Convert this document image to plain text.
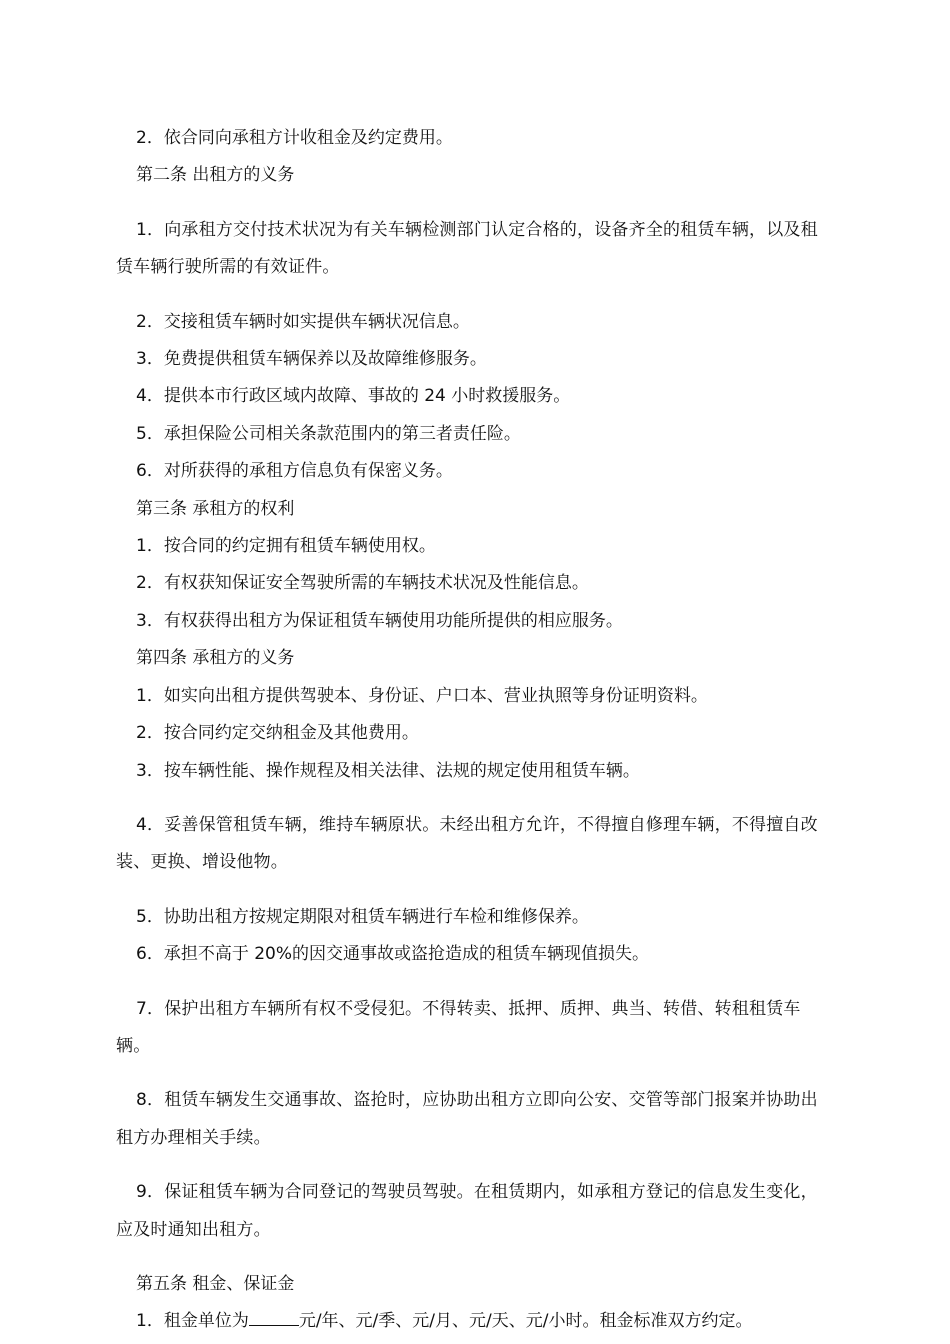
2．依合同向承租方计收租金及约定费用。

第二条 出租方的义务

1．向承租方交付技术状况为有关车辆检测部门认定合格的，设备齐全的租赁车辆，以及租赁车辆行驶所需的有效证件。

2．交接租赁车辆时如实提供车辆状况信息。

3．免费提供租赁车辆保养以及故障维修服务。

4．提供本市行政区域内故障、事故的 24 小时救援服务。

5．承担保险公司相关条款范围内的第三者责任险。

6．对所获得的承租方信息负有保密义务。

第三条 承租方的权利

1．按合同的约定拥有租赁车辆使用权。

2．有权获知保证安全驾驶所需的车辆技术状况及性能信息。

3．有权获得出租方为保证租赁车辆使用功能所提供的相应服务。

第四条 承租方的义务

1．如实向出租方提供驾驶本、身份证、户口本、营业执照等身份证明资料。

2．按合同约定交纳租金及其他费用。

3．按车辆性能、操作规程及相关法律、法规的规定使用租赁车辆。

4．妥善保管租赁车辆，维持车辆原状。未经出租方允许，不得擅自修理车辆，不得擅自改装、更换、增设他物。

5．协助出租方按规定期限对租赁车辆进行车检和维修保养。

6．承担不高于 20%的因交通事故或盗抢造成的租赁车辆现值损失。

7．保护出租方车辆所有权不受侵犯。不得转卖、抵押、质押、典当、转借、转租租赁车辆。

8．租赁车辆发生交通事故、盗抢时，应协助出租方立即向公安、交管等部门报案并协助出租方办理相关手续。

9．保证租赁车辆为合同登记的驾驶员驾驶。在租赁期内，如承租方登记的信息发生变化，应及时通知出租方。

第五条 租金、保证金

1．租金单位为	元/年、元/季、元/月、元/天、元/小时。租金标准双方约定。
